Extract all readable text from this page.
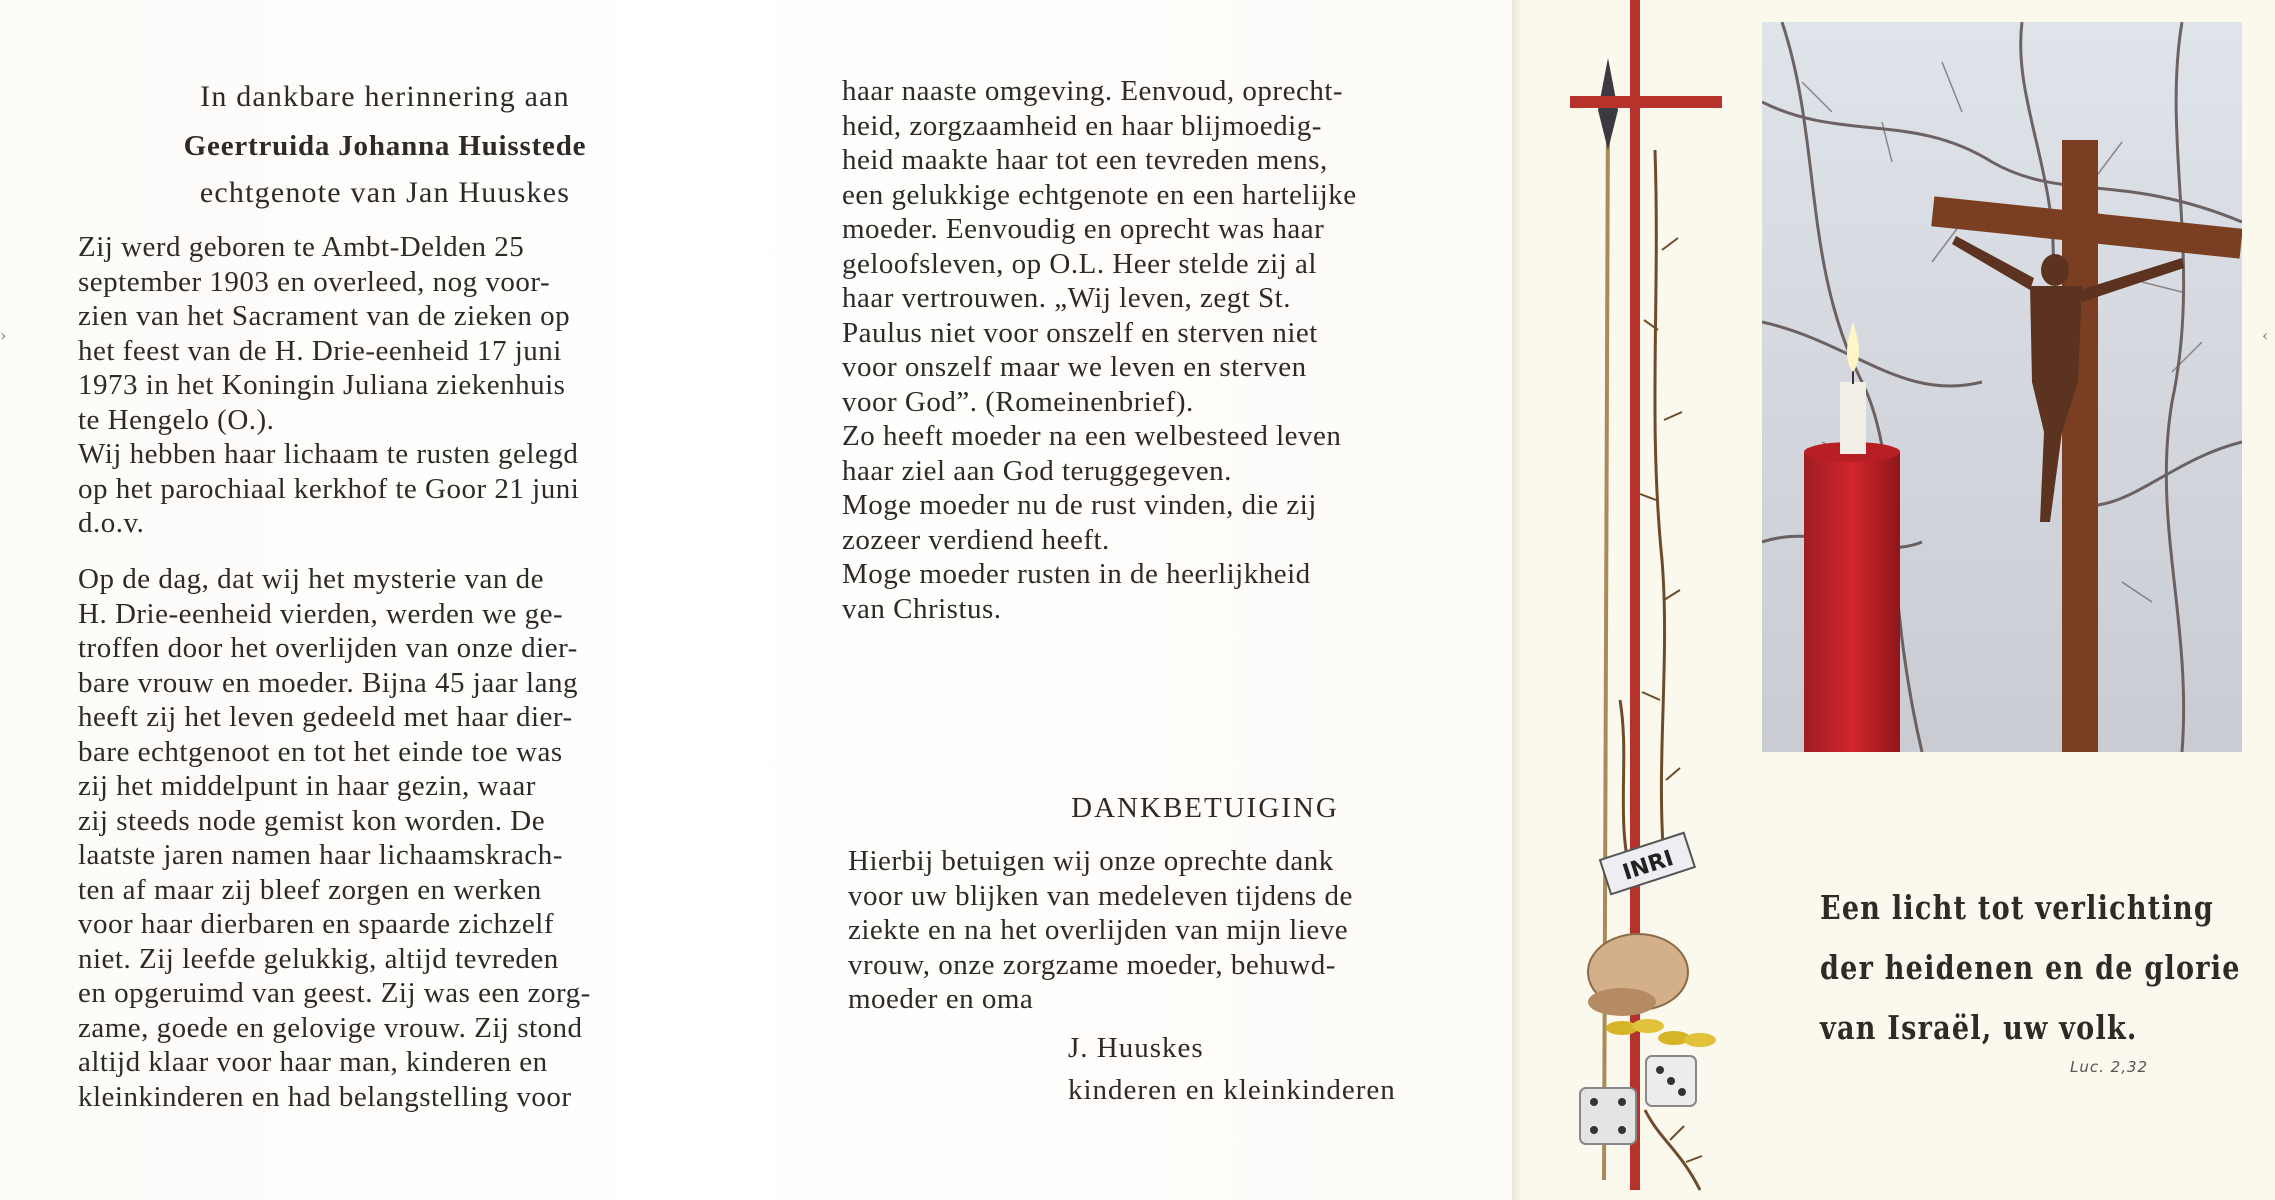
In dankbare herinnering aan
Geertruida Johanna Huisstede
echtgenote van Jan Huuskes

Zij werd geboren te Ambt-Delden 25

september 1903 en overleed, nog voor-

zien van het Sacrament van de zieken op

het feest van de H. Drie-eenheid 17 juni

1973 in het Koningin Juliana ziekenhuis

te Hengelo (O.).

Wij hebben haar lichaam te rusten gelegd

op het parochiaal kerkhof te Goor 21 juni

d.o.v.

Op de dag, dat wij het mysterie van de

H. Drie-eenheid vierden, werden we ge-

troffen door het overlijden van onze dier-

bare vrouw en moeder. Bijna 45 jaar lang

heeft zij het leven gedeeld met haar dier-

bare echtgenoot en tot het einde toe was

zij het middelpunt in haar gezin, waar

zij steeds node gemist kon worden. De

laatste jaren namen haar lichaamskrach-

ten af maar zij bleef zorgen en werken

voor haar dierbaren en spaarde zichzelf

niet. Zij leefde gelukkig, altijd tevreden

en opgeruimd van geest. Zij was een zorg-

zame, goede en gelovige vrouw. Zij stond

altijd klaar voor haar man, kinderen en

kleinkinderen en had belangstelling voor

haar naaste omgeving. Eenvoud, oprecht-

heid, zorgzaamheid en haar blijmoedig-

heid maakte haar tot een tevreden mens,

een gelukkige echtgenote en een hartelijke

moeder. Eenvoudig en oprecht was haar

geloofsleven, op O.L. Heer stelde zij al

haar vertrouwen. „Wij leven, zegt St.

Paulus niet voor onszelf en sterven niet

voor onszelf maar we leven en sterven

voor God”. (Romeinenbrief).

Zo heeft moeder na een welbesteed leven

haar ziel aan God teruggegeven.

Moge moeder nu de rust vinden, die zij

zozeer verdiend heeft.

Moge moeder rusten in de heerlijkheid

van Christus.

DANKBETUIGING

Hierbij betuigen wij onze oprechte dank

voor uw blijken van medeleven tijdens de

ziekte en na het overlijden van mijn lieve

vrouw, onze zorgzame moeder, behuwd-

moeder en oma

J. Huuskes
kinderen en kleinkinderen
INRI
Een licht tot verlichting
der heidenen en de glorie
van Israël, uw volk.
Luc. 2,32
›	‹
